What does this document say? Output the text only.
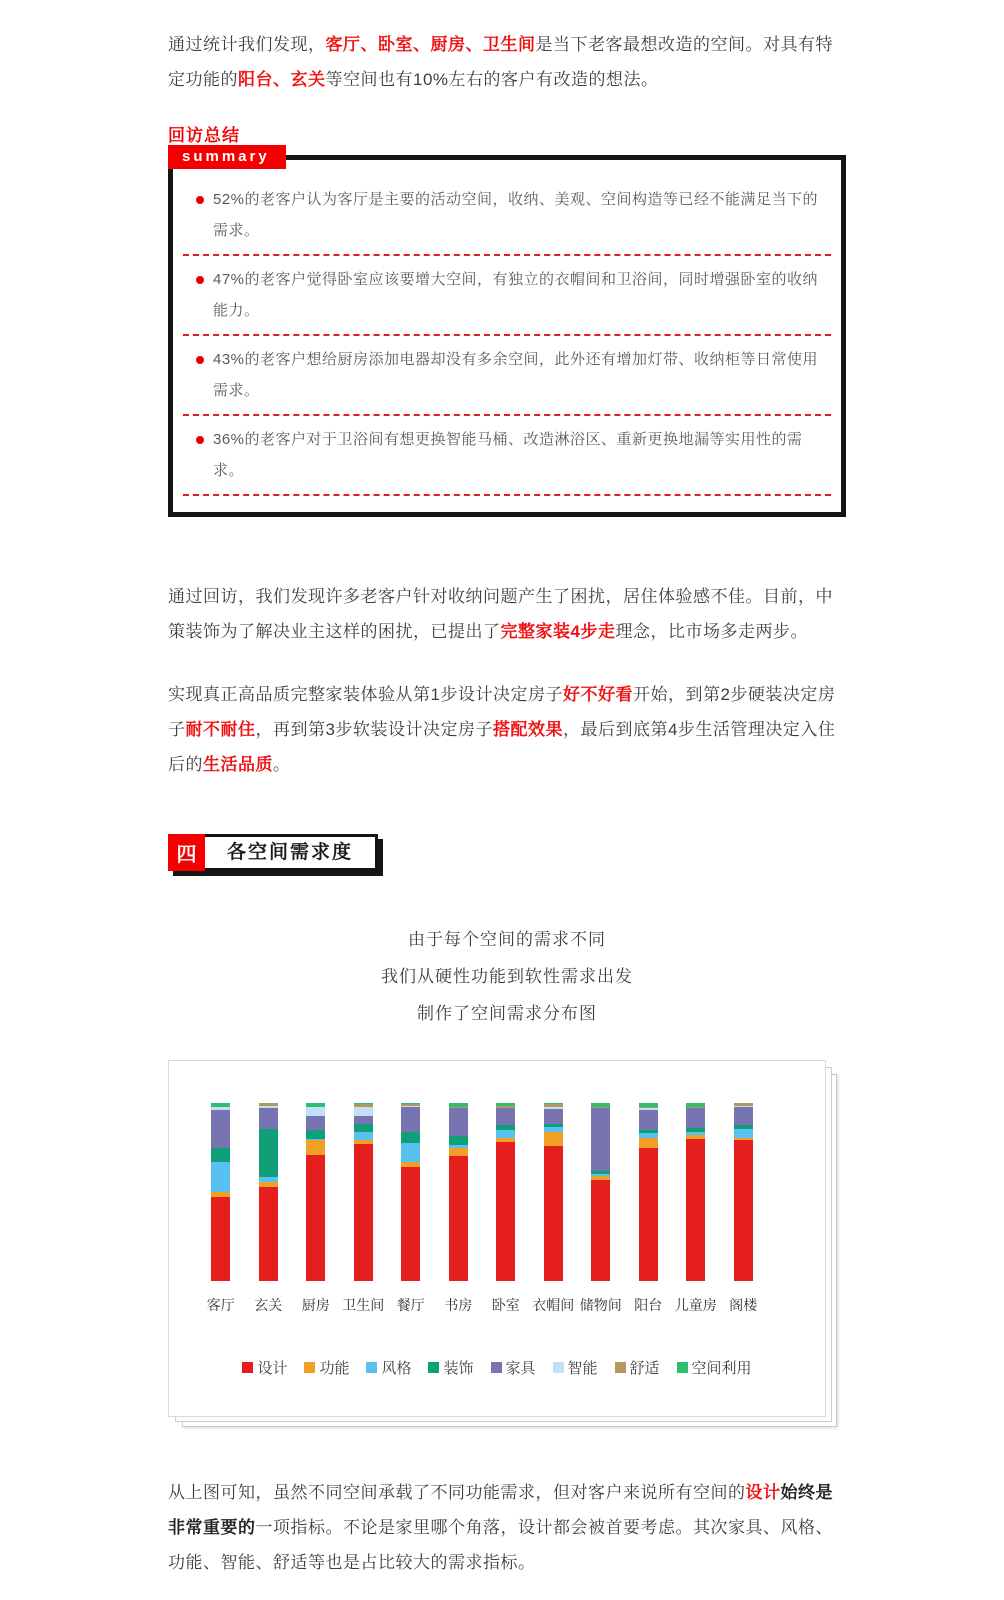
通过统计我们发现，客厅、卧室、厨房、卫生间是当下老客最想改造的空间。对具有特定功能的阳台、玄关等空间也有10%左右的客户有改造的想法。

回访总结
summary
52%的老客户认为客厅是主要的活动空间，收纳、美观、空间构造等已经不能满足当下的需求。
47%的老客户觉得卧室应该要增大空间，有独立的衣帽间和卫浴间，同时增强卧室的收纳能力。
43%的老客户想给厨房添加电器却没有多余空间，此外还有增加灯带、收纳柜等日常使用需求。
36%的老客户对于卫浴间有想更换智能马桶、改造淋浴区、重新更换地漏等实用性的需求。

通过回访，我们发现许多老客户针对收纳问题产生了困扰，居住体验感不佳。目前，中策装饰为了解决业主这样的困扰，已提出了完整家装4步走理念，比市场多走两步。

实现真正高品质完整家装体验从第1步设计决定房子好不好看开始，到第2步硬装决定房子耐不耐住，再到第3步软装设计决定房子搭配效果，最后到底第4步生活管理决定入住后的生活品质。

四	各空间需求度
由于每个空间的需求不同
我们从硬性功能到软性需求出发
制作了空间需求分布图
客厅 玄关 厨房 卫生间 餐厅 书房 卧室 衣帽间 储物间 阳台 儿童房 阁楼
设计 功能 风格 装饰 家具 智能 舒适 空间利用

从上图可知，虽然不同空间承载了不同功能需求，但对客户来说所有空间的设计始终是非常重要的一项指标。不论是家里哪个角落，设计都会被首要考虑。其次家具、风格、功能、智能、舒适等也是占比较大的需求指标。
